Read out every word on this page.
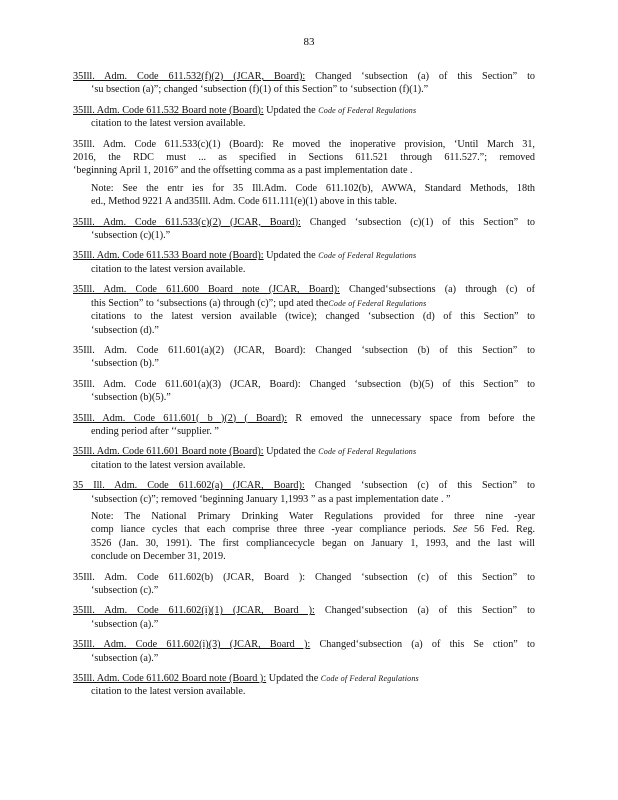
83
35Ill. Adm. Code 611.532(f)(2) (JCAR, Board): Changed ‘subsection (a) of this Section” to
‘su bsection (a)”; changed ‘subsection (f)(1) of this Section” to ‘subsection (f)(1).”
35Ill. Adm. Code 611.532 Board note (Board): Updated the Code of Federal Regulations
citation to the latest version available.
35Ill. Adm. Code 611.533(c)(1) (Board): Re moved the inoperative provision, ‘Until March 31,
2016, the RDC must ... as specified in Sections 611.521 through 611.527.”; removed
‘beginning April 1, 2016” and the offsetting comma as a past implementation date .
Note: See the entr ies for 35 Ill.Adm. Code 611.102(b), AWWA, Standard Methods, 18th
ed., Method 9221 A and35Ill. Adm. Code 611.111(e)(1) above in this table.
35Ill. Adm. Code 611.533(c)(2) (JCAR, Board): Changed ‘subsection (c)(1) of this Section” to
‘subsection (c)(1).”
35Ill. Adm. Code 611.533 Board note (Board): Updated the Code of Federal Regulations
citation to the latest version available.
35Ill. Adm. Code 611.600 Board note (JCAR, Board): Changed‘subsections (a) through (c) of
this Section” to ‘subsections (a) through (c)”; upd ated theCode of Federal Regulations
citations to the latest version available (twice); changed ‘subsection (d) of this Section” to
‘subsection (d).”
35Ill. Adm. Code 611.601(a)(2) (JCAR, Board): Changed ‘subsection (b) of this Section” to
‘subsection (b).”
35Ill. Adm. Code 611.601(a)(3) (JCAR, Board): Changed ‘subsection (b)(5) of this Section” to
‘subsection (b)(5).”
35Ill. Adm. Code 611.601( b )(2) ( Board): R emoved the unnecessary space from before the
ending period after ‘‘supplier. ”
35Ill. Adm. Code 611.601 Board note (Board): Updated the Code of Federal Regulations
citation to the latest version available.
35 Ill. Adm. Code 611.602(a) (JCAR, Board): Changed ‘subsection (c) of this Section” to
‘subsection (c)”; removed ‘beginning January 1,1993 ” as a past implementation date . ”
Note: The National Primary Drinking Water Regulations provided for three nine -year
comp liance cycles that each comprise three three -year compliance periods. See 56 Fed. Reg.
3526 (Jan. 30, 1991). The first compliancecycle began on January 1, 1993, and the last will
conclude on December 31, 2019.
35Ill. Adm. Code 611.602(b) (JCAR, Board ): Changed ‘subsection (c) of this Section” to
‘subsection (c).”
35Ill. Adm. Code 611.602(i)(1) (JCAR, Board ): Changed‘subsection (a) of this Section” to
‘subsection (a).”
35Ill. Adm. Code 611.602(i)(3) (JCAR, Board ): Changed‘subsection (a) of this Se ction” to
‘subsection (a).”
35Ill. Adm. Code 611.602 Board note (Board ): Updated the Code of Federal Regulations
citation to the latest version available.
